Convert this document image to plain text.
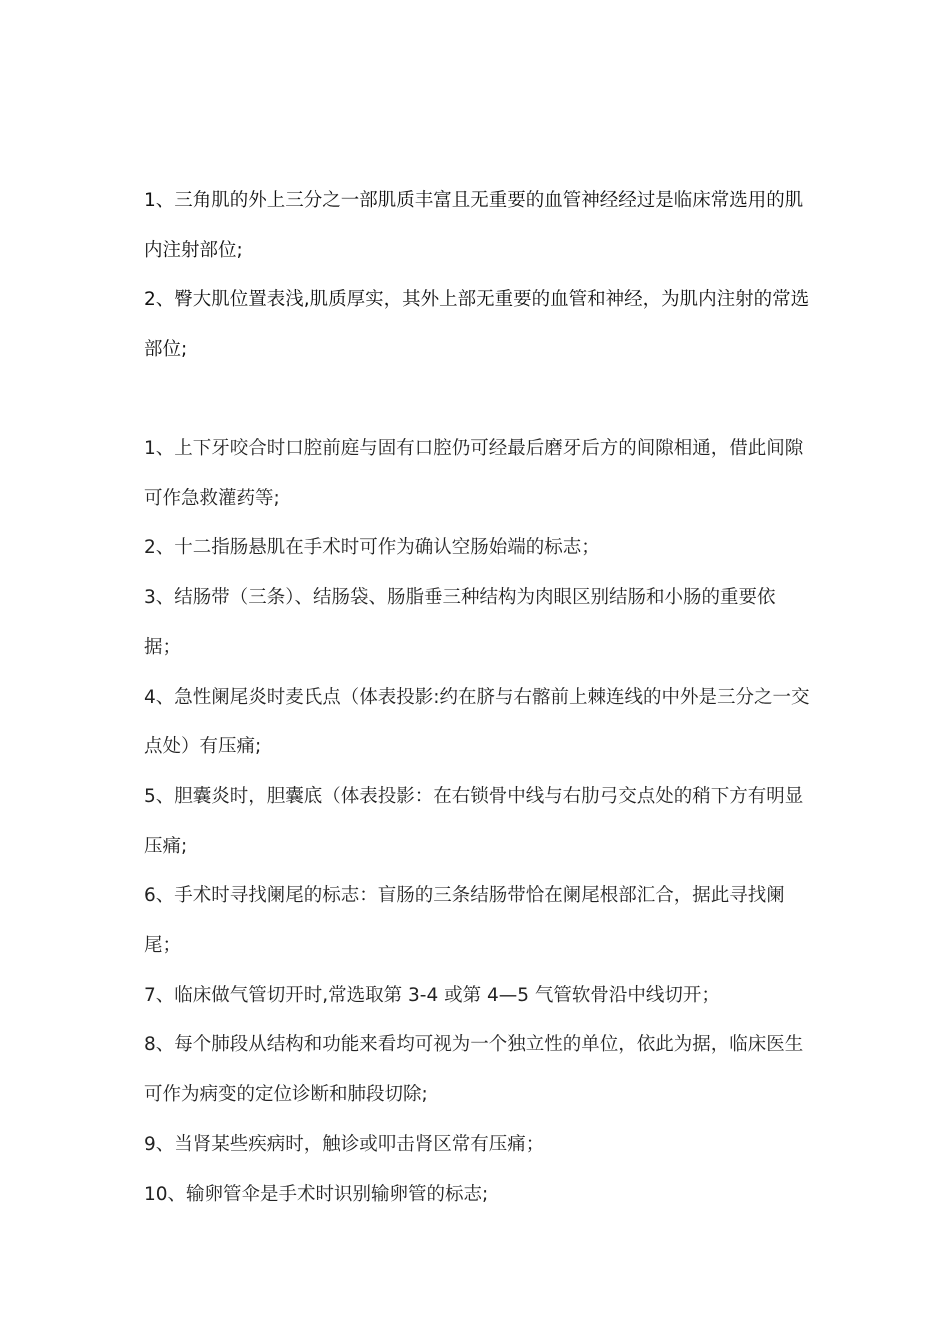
1、三角肌的外上三分之一部肌质丰富且无重要的血管神经经过是临床常选用的肌内注射部位;

2、臀大肌位置表浅,肌质厚实，其外上部无重要的血管和神经，为肌内注射的常选部位;

1、上下牙咬合时口腔前庭与固有口腔仍可经最后磨牙后方的间隙相通，借此间隙可作急救灌药等;

2、十二指肠悬肌在手术时可作为确认空肠始端的标志；

3、结肠带（三条）、结肠袋、肠脂垂三种结构为肉眼区别结肠和小肠的重要依据；

4、急性阑尾炎时麦氏点（体表投影:约在脐与右髂前上棘连线的中外是三分之一交点处）有压痛;

5、胆囊炎时，胆囊底（体表投影：在右锁骨中线与右肋弓交点处的稍下方有明显压痛;

6、手术时寻找阑尾的标志：盲肠的三条结肠带恰在阑尾根部汇合，据此寻找阑尾；

7、临床做气管切开时,常选取第 3-4 或第 4—5 气管软骨沿中线切开；

8、每个肺段从结构和功能来看均可视为一个独立性的单位，依此为据，临床医生可作为病变的定位诊断和肺段切除;

9、当肾某些疾病时，触诊或叩击肾区常有压痛；

10、输卵管伞是手术时识别输卵管的标志;
